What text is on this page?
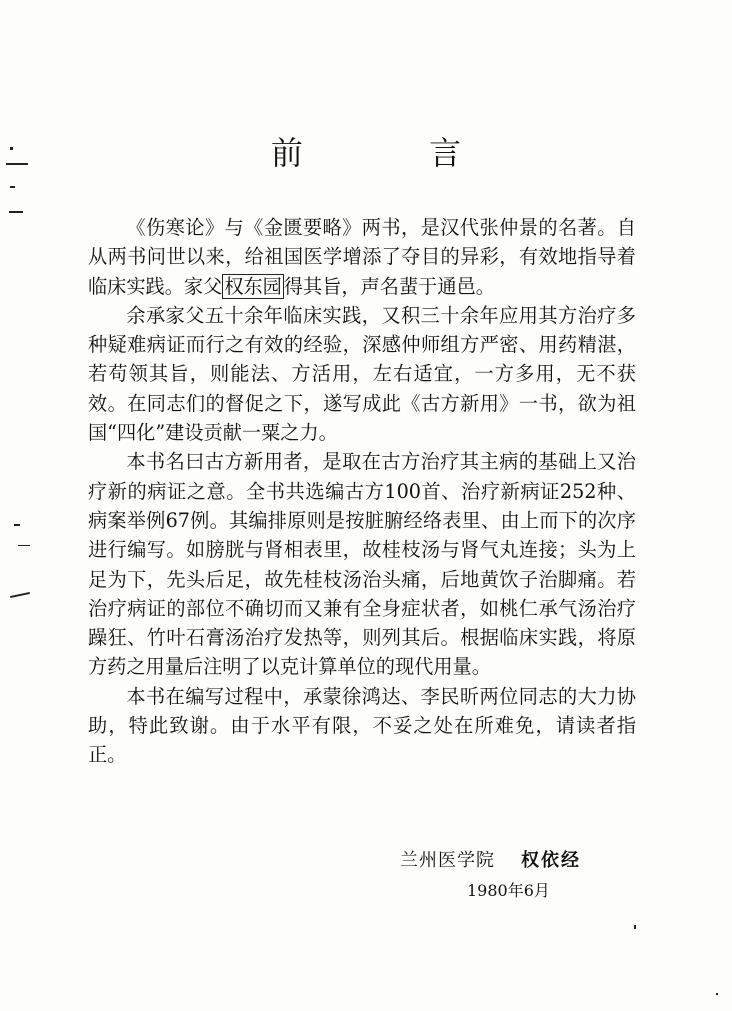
前 言

《伤寒论》与《金匮要略》两书，是汉代张仲景的名著。自从两书问世以来，给祖国医学增添了夺目的异彩，有效地指导着临床实践。家父 权东园 得其旨，声名蜚于通邑。

余承家父五十余年临床实践，又积三十余年应用其方治疗多种疑难病证而行之有效的经验，深感仲师组方严密、用药精湛，若苟领其旨，则能法、方活用，左右适宜，一方多用，无不获效。在同志们的督促之下，遂写成此《古方新用》一书，欲为祖国“四化”建设贡献一粟之力。

本书名曰古方新用者，是取在古方治疗其主病的基础上又治疗新的病证之意。全书共选编古方100首、治疗新病证252种、病案举例67例。其编排原则是按脏腑经络表里、由上而下的次序进行编写。如膀胱与肾相表里，故桂枝汤与肾气丸连接；头为上足为下，先头后足，故先桂枝汤治头痛，后地黄饮子治脚痛。若治疗病证的部位不确切而又兼有全身症状者，如桃仁承气汤治疗躁狂、竹叶石膏汤治疗发热等，则列其后。根据临床实践，将原方药之用量后注明了以克计算单位的现代用量。

本书在编写过程中，承蒙徐鸿达、李民昕两位同志的大力协助，特此致谢。由于水平有限，不妥之处在所难免，请读者指正。

兰州医学院 权依经
1980年6月
